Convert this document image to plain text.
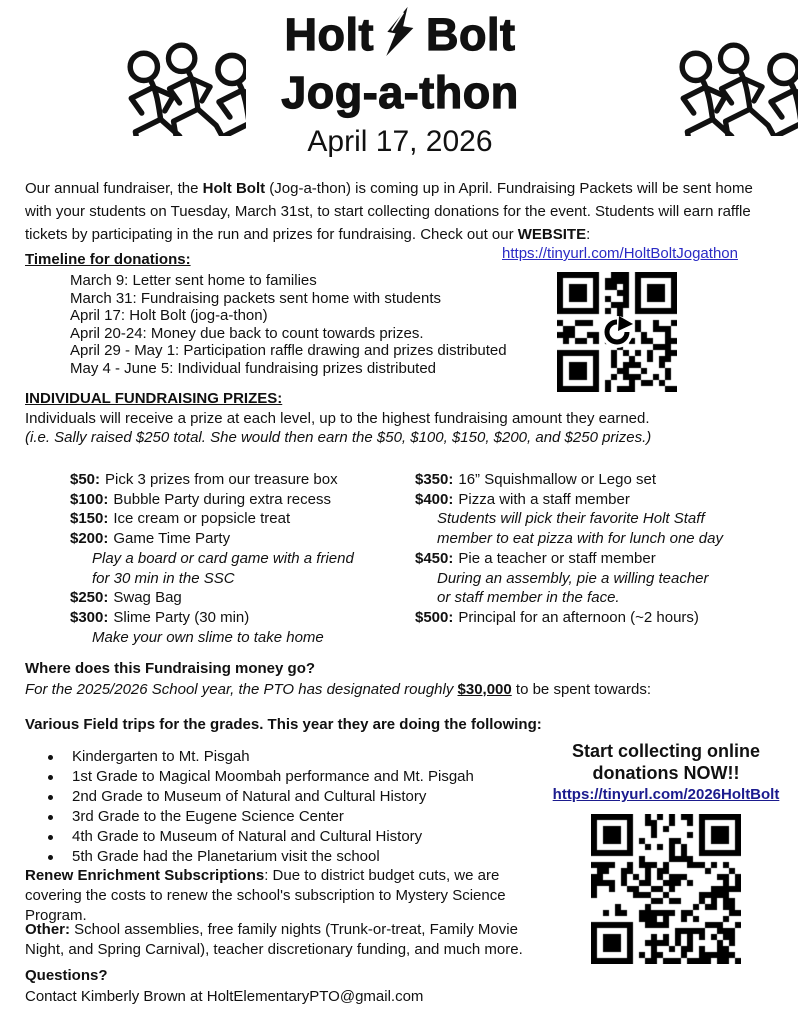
Holt Bolt
Jog-a-thon
April 17, 2026
Our annual fundraiser, the Holt Bolt (Jog-a-thon) is coming up in April. Fundraising Packets will be sent home with your students on Tuesday, March 31st, to start collecting donations for the event. Students will earn raffle tickets by participating in the run and prizes for fundraising. Check out our WEBSITE:
Timeline for donations:
March 9: Letter sent home to families
March 31: Fundraising packets sent home with students
April 17: Holt Bolt (jog-a-thon)
April 20-24: Money due back to count towards prizes.
April 29 - May 1: Participation raffle drawing and prizes distributed
May 4 - June 5: Individual fundraising prizes distributed
https://tinyurl.com/HoltBoltJogathon
INDIVIDUAL FUNDRAISING PRIZES:
Individuals will receive a prize at each level, up to the highest fundraising amount they earned.
(i.e. Sally raised $250 total. She would then earn the $50, $100, $150, $200, and $250 prizes.)
$50: Pick 3 prizes from our treasure box
$100: Bubble Party during extra recess
$150: Ice cream or popsicle treat
$200: Game Time Party
Play a board or card game with a friend
for 30 min in the SSC
$250: Swag Bag
$300: Slime Party (30 min)
Make your own slime to take home
$350: 16” Squishmallow or Lego set
$400: Pizza with a staff member
Students will pick their favorite Holt Staff
member to eat pizza with for lunch one day
$450: Pie a teacher or staff member
During an assembly, pie a willing teacher
or staff member in the face.
$500: Principal for an afternoon (~2 hours)
Where does this Fundraising money go?
For the 2025/2026 School year, the PTO has designated roughly $30,000 to be spent towards:
Various Field trips for the grades. This year they are doing the following:
Kindergarten to Mt. Pisgah
1st Grade to Magical Moombah performance and Mt. Pisgah
2nd Grade to Museum of Natural and Cultural History
3rd Grade to the Eugene Science Center
4th Grade to Museum of Natural and Cultural History
5th Grade had the Planetarium visit the school
Start collecting online
donations NOW!!
https://tinyurl.com/2026HoltBolt
Renew Enrichment Subscriptions: Due to district budget cuts, we are covering the costs to renew the school's subscription to Mystery Science Program.
Other: School assemblies, free family nights (Trunk-or-treat, Family Movie Night, and Spring Carnival), teacher discretionary funding, and much more.
Questions?
Contact Kimberly Brown at HoltElementaryPTO@gmail.com
